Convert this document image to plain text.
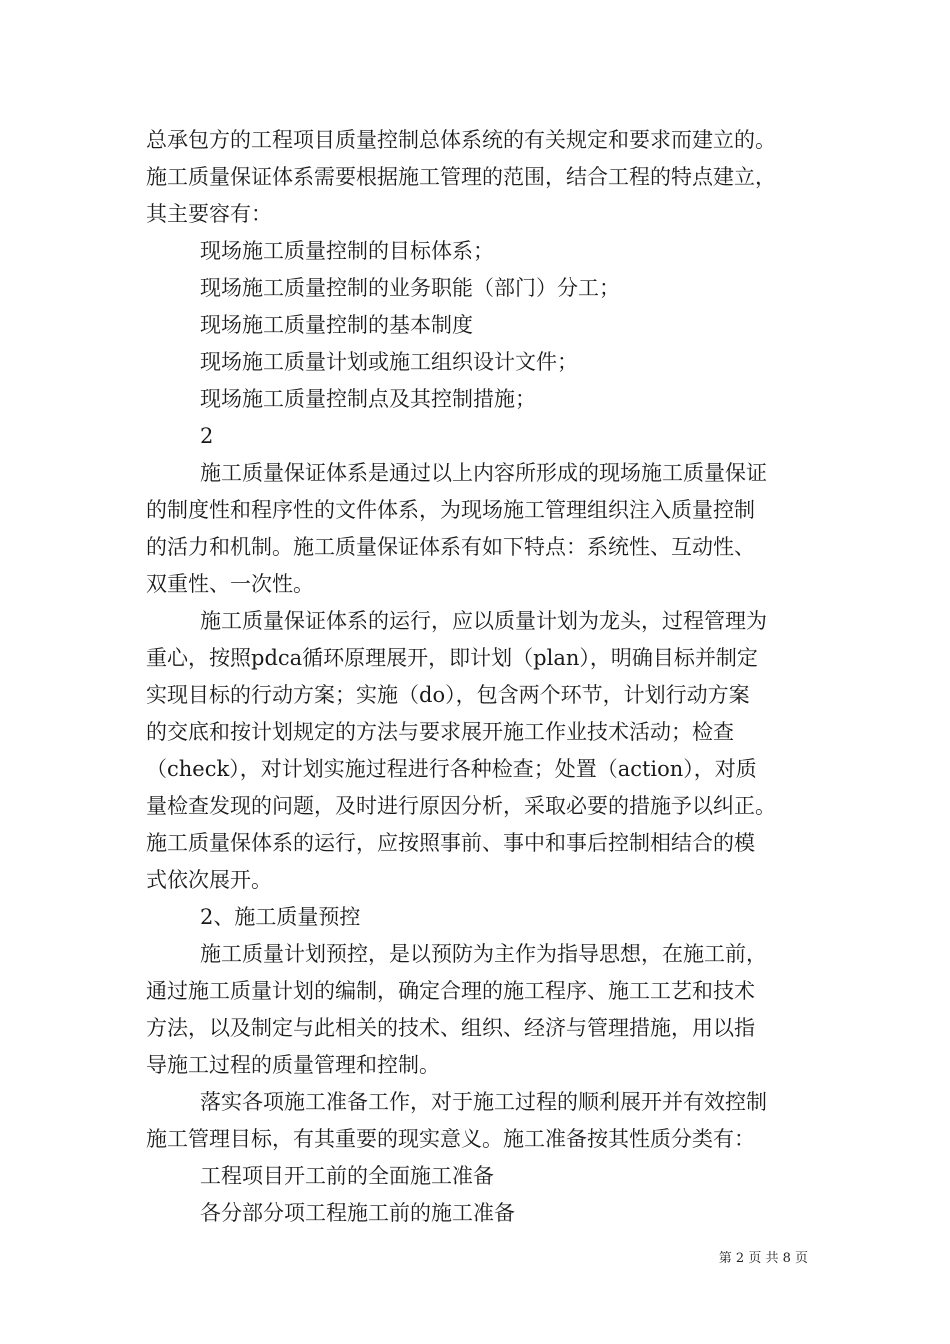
总承包方的工程项目质量控制总体系统的有关规定和要求而建立的。
施工质量保证体系需要根据施工管理的范围，结合工程的特点建立，
其主要容有：
现场施工质量控制的目标体系；
现场施工质量控制的业务职能（部门）分工；
现场施工质量控制的基本制度
现场施工质量计划或施工组织设计文件；
现场施工质量控制点及其控制措施；
2
施工质量保证体系是通过以上内容所形成的现场施工质量保证
的制度性和程序性的文件体系，为现场施工管理组织注入质量控制
的活力和机制。施工质量保证体系有如下特点：系统性、互动性、
双重性、一次性。
施工质量保证体系的运行，应以质量计划为龙头，过程管理为
重心，按照pdca循环原理展开，即计划（plan），明确目标并制定
实现目标的行动方案；实施（do），包含两个环节，计划行动方案
的交底和按计划规定的方法与要求展开施工作业技术活动；检查
（check），对计划实施过程进行各种检查；处置（action），对质
量检查发现的问题，及时进行原因分析，采取必要的措施予以纠正。
施工质量保体系的运行，应按照事前、事中和事后控制相结合的模
式依次展开。
2、施工质量预控
施工质量计划预控，是以预防为主作为指导思想，在施工前，
通过施工质量计划的编制，确定合理的施工程序、施工工艺和技术
方法，以及制定与此相关的技术、组织、经济与管理措施，用以指
导施工过程的质量管理和控制。
落实各项施工准备工作，对于施工过程的顺利展开并有效控制
施工管理目标，有其重要的现实意义。施工准备按其性质分类有：
工程项目开工前的全面施工准备
各分部分项工程施工前的施工准备
第 2 页 共 8 页
